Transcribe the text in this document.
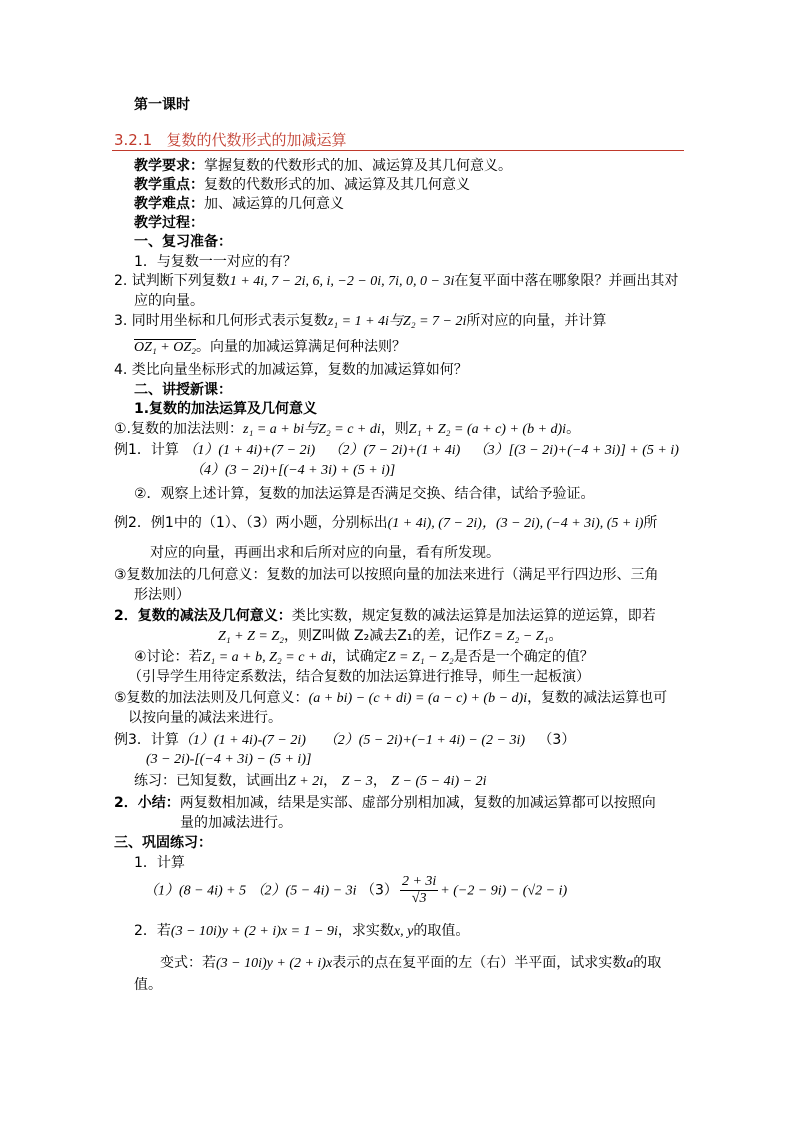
第一课时
3.2.1 复数的代数形式的加减运算
教学要求：掌握复数的代数形式的加、减运算及其几何意义。
教学重点：复数的代数形式的加、减运算及其几何意义
教学难点：加、减运算的几何意义
教学过程：
一、复习准备：
1．与复数一一对应的有？
2. 试判断下列复数1 + 4i, 7 − 2i, 6, i, −2 − 0i, 7i, 0, 0 − 3i在复平面中落在哪象限？并画出其对
应的向量。
3. 同时用坐标和几何形式表示复数z₁ = 1 + 4i与Z₂ = 7 − 2i所对应的向量，并计算
OZ₁ + OZ₂。向量的加减运算满足何种法则？
4. 类比向量坐标形式的加减运算，复数的加减运算如何？
二、讲授新课：
1.复数的加法运算及几何意义
①.复数的加法法则：z₁ = a + bi与Z₂ = c + di，则Z₁ + Z₂ = (a + c) + (b + d)i。
例1．计算 （1）(1 + 4i)+(7 − 2i) （2）(7 − 2i)+(1 + 4i) （3）[(3 − 2i)+(−4 + 3i)] + (5 + i)
（4）(3 − 2i)+[(−4 + 3i) + (5 + i)]
②．观察上述计算，复数的加法运算是否满足交换、结合律，试给予验证。
例2．例1中的（1）、（3）两小题，分别标出(1 + 4i), (7 − 2i)，(3 − 2i), (−4 + 3i), (5 + i)所
对应的向量，再画出求和后所对应的向量，看有所发现。
③复数加法的几何意义：复数的加法可以按照向量的加法来进行（满足平行四边形、三角
形法则）
2．复数的减法及几何意义：类比实数，规定复数的减法运算是加法运算的逆运算，即若
Z₁ + Z = Z₂，则Z叫做 Z₂减去Z₁的差，记作Z = Z₂ − Z₁。
④讨论：若Z₁ = a + b, Z₂ = c + di，试确定Z = Z₁ − Z₂是否是一个确定的值？
（引导学生用待定系数法，结合复数的加法运算进行推导，师生一起板演）
⑤复数的加法法则及几何意义：(a + bi) − (c + di) = (a − c) + (b − d)i，复数的减法运算也可
以按向量的减法来进行。
例3．计算（1）(1 + 4i)-(7 − 2i) （2）(5 − 2i)+(−1 + 4i) − (2 − 3i) （3）
(3 − 2i)-[(−4 + 3i) − (5 + i)]
练习：已知复数，试画出Z + 2i， Z − 3， Z − (5 − 4i) − 2i
2．小结：两复数相加减，结果是实部、虚部分别相加减，复数的加减运算都可以按照向
量的加减法进行。
三、巩固练习：
1．计算
（1）(8 − 4i) + 5 （2）(5 − 4i) − 3i $(3) \frac{2 + 3i}{√3} + (-2 - 9i) - (√2 - i)$
2．若(3 − 10i)y + (2 + i)x = 1 − 9i，求实数x, y的取值。
变式：若(3 − 10i)y + (2 + i)x表示的点在复平面的左（右）半平面，试求实数a的取
值。
